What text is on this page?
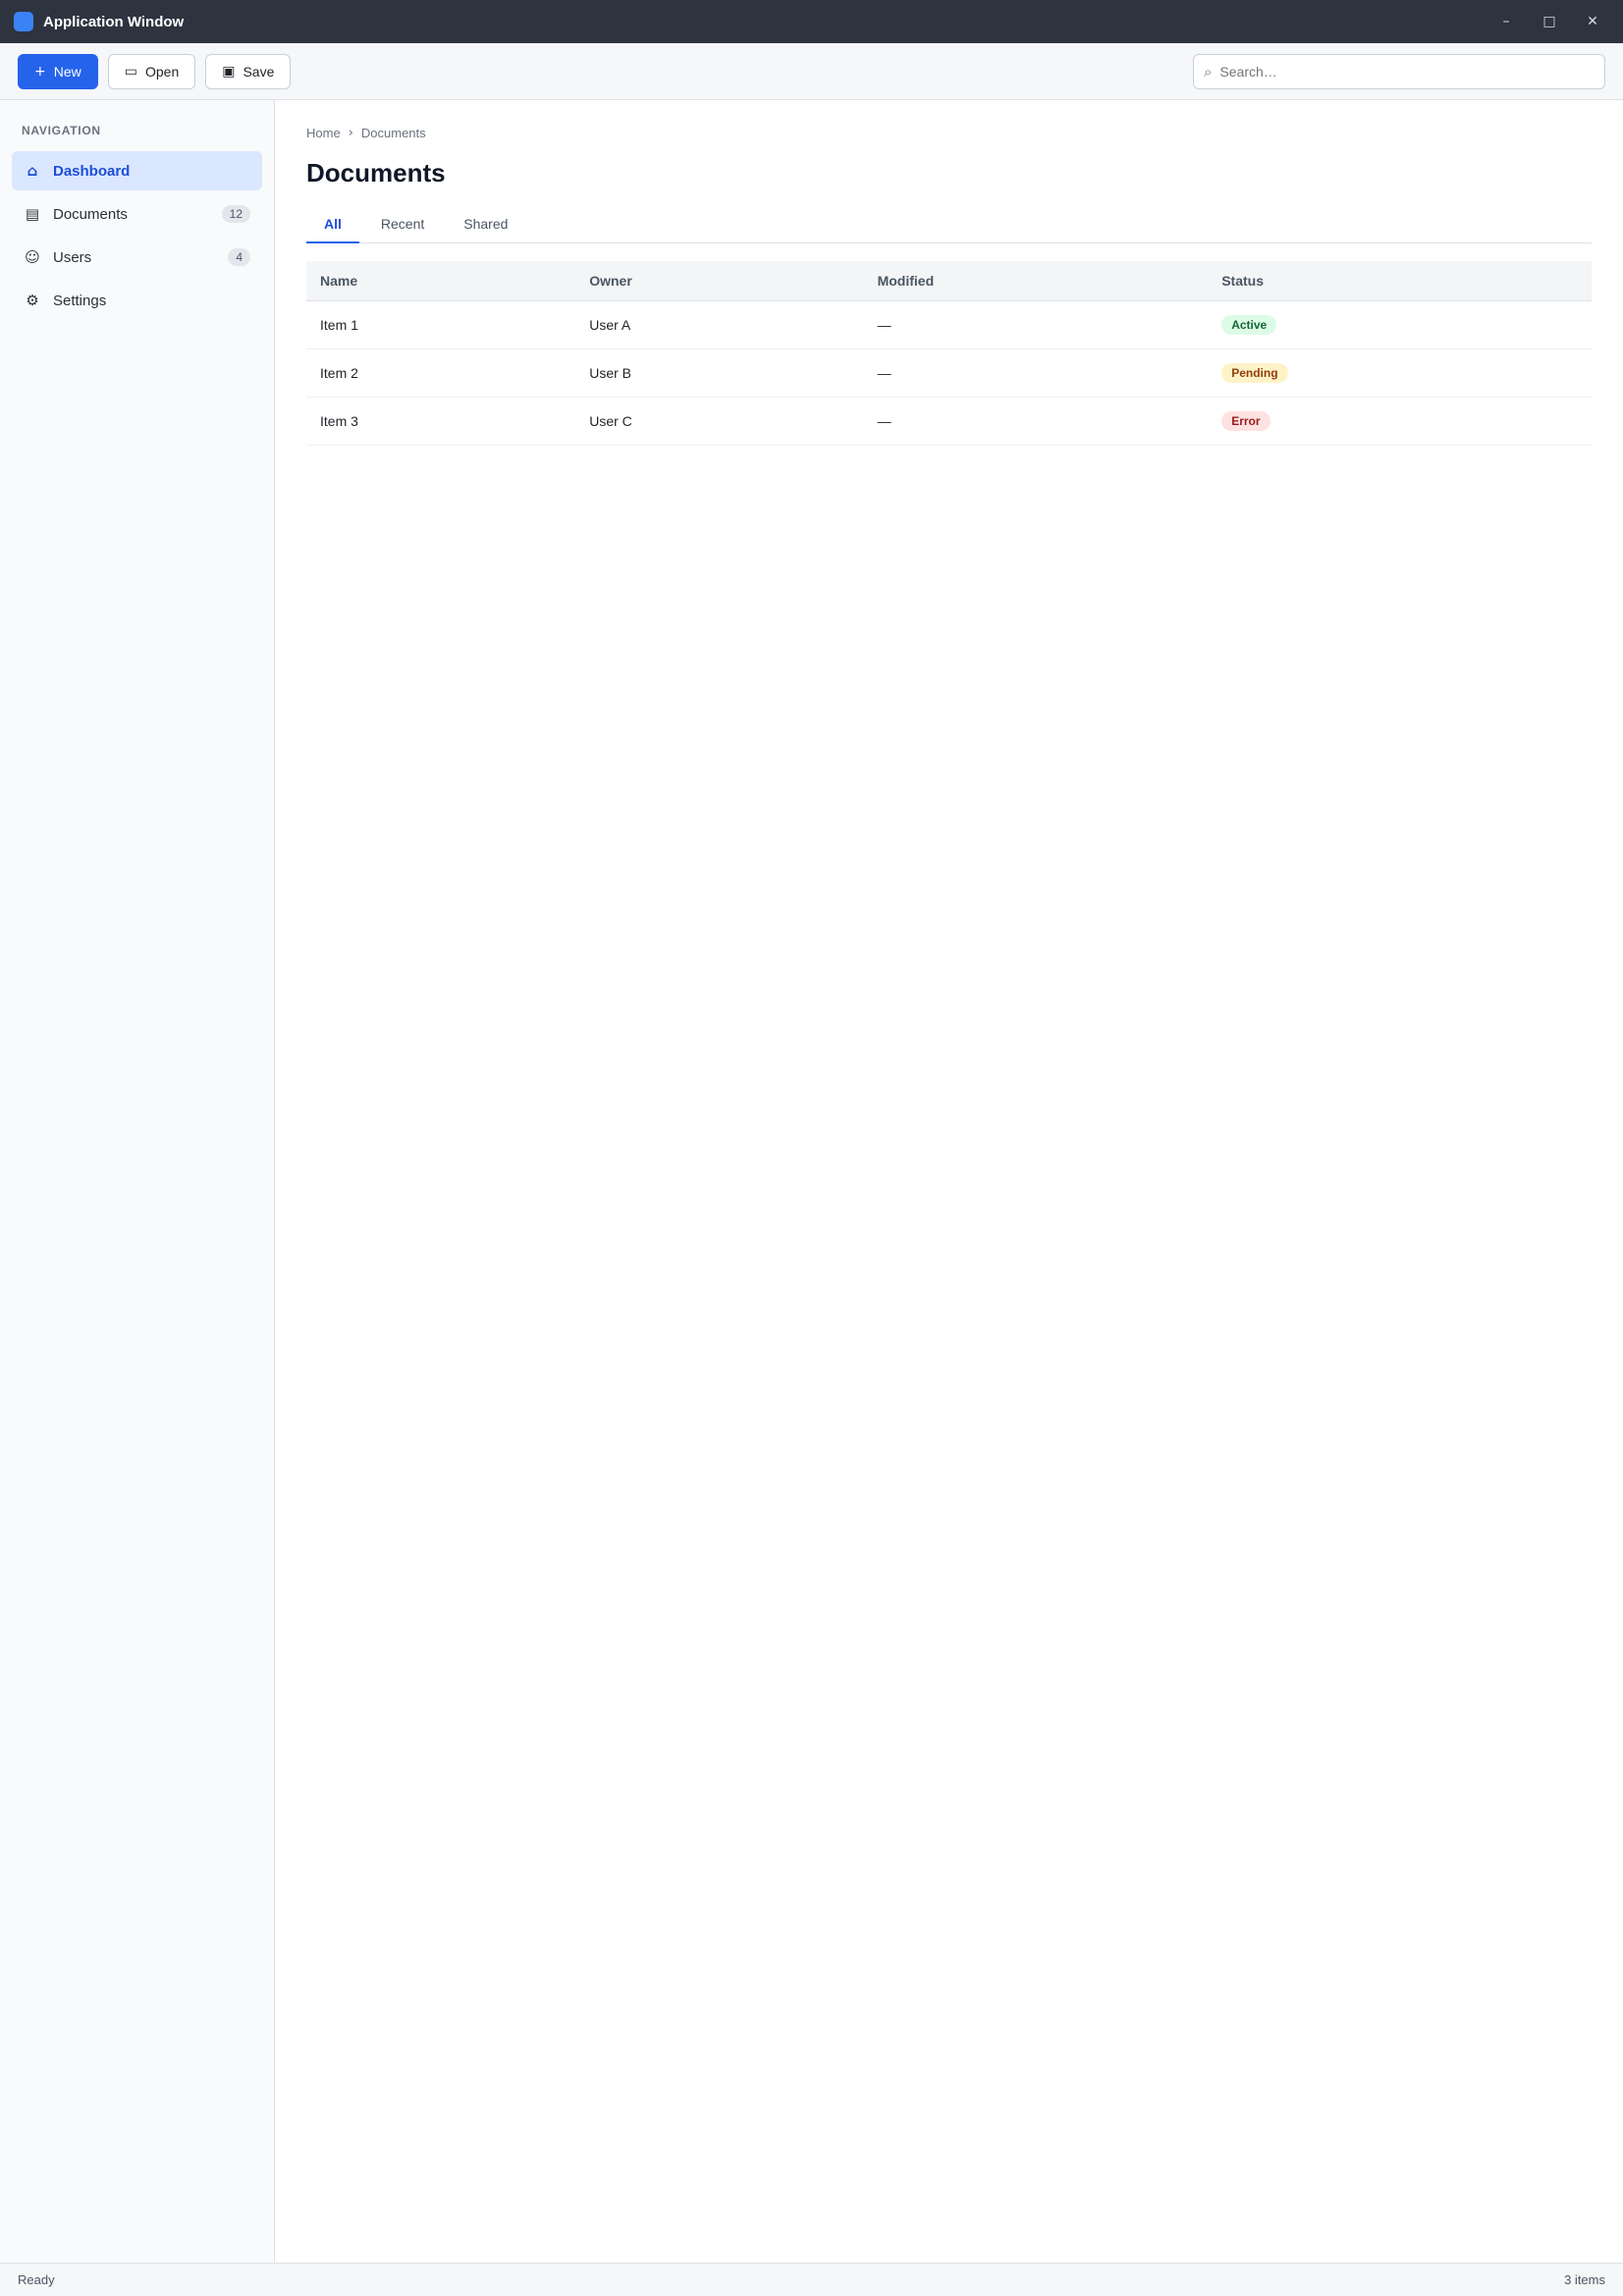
Application Window	–	□	✕
+ New	▭ Open	▣ Save	⌕
Search…
NAVIGATION
⌂ Dashboard
▤ Documents	12
☺ Users	4
⚙ Settings
Home › Documents
Documents
All	Recent	Shared
Name	Owner	Modified	Status
Item 1	User A	—	Active
Item 2	User B	—	Pending
Item 3	User C	—	Error
Ready	3 items
